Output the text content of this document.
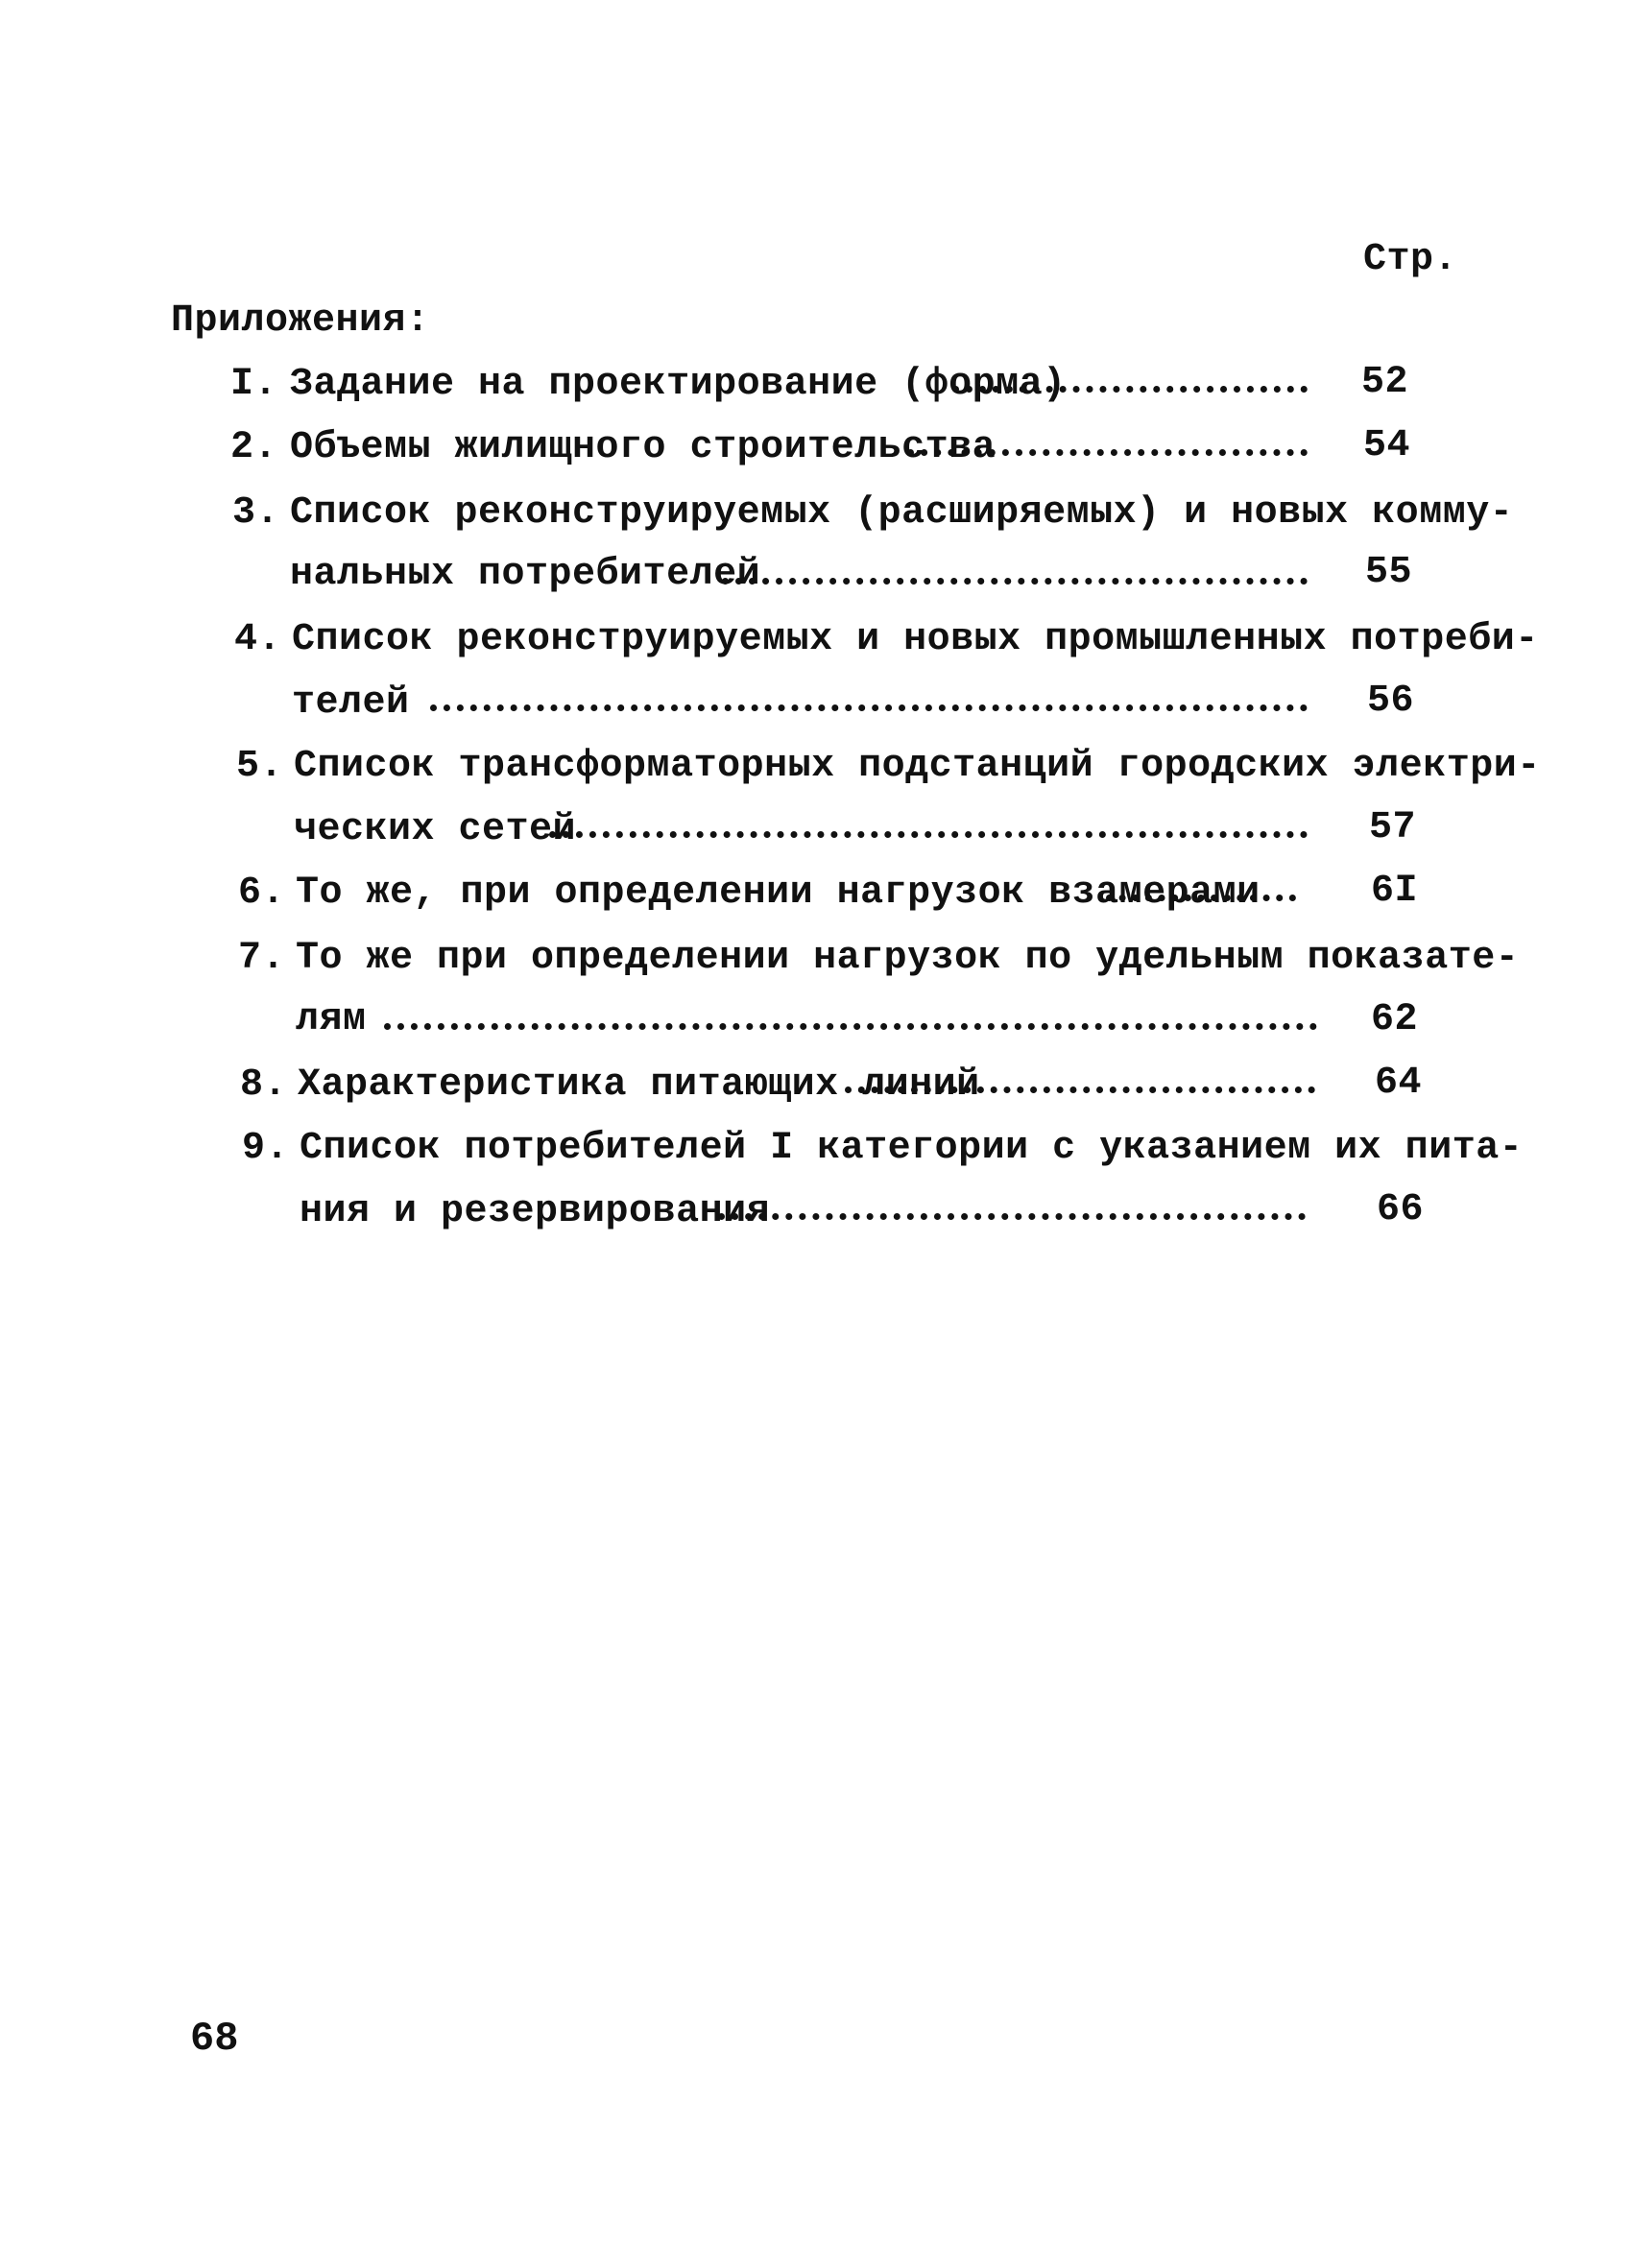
Стр.
Приложения:
I. Задание на проектирование (форма)	52
2. Объемы жилищного строительства	54
3. Список реконструируемых (расширяемых) и новых комму-
нальных потребителей	55
4. Список реконструируемых и новых промышленных потреби-
телей	56
5. Список трансформаторных подстанций городских электри-
ческих сетей	57
6. То же, при определении нагрузок взамерами	6I
7. То же при определении нагрузок по удельным показате-
лям	62
8. Характеристика питающих линий	64
9. Список потребителей I категории с указанием их пита-
ния и резервирования	66
68
